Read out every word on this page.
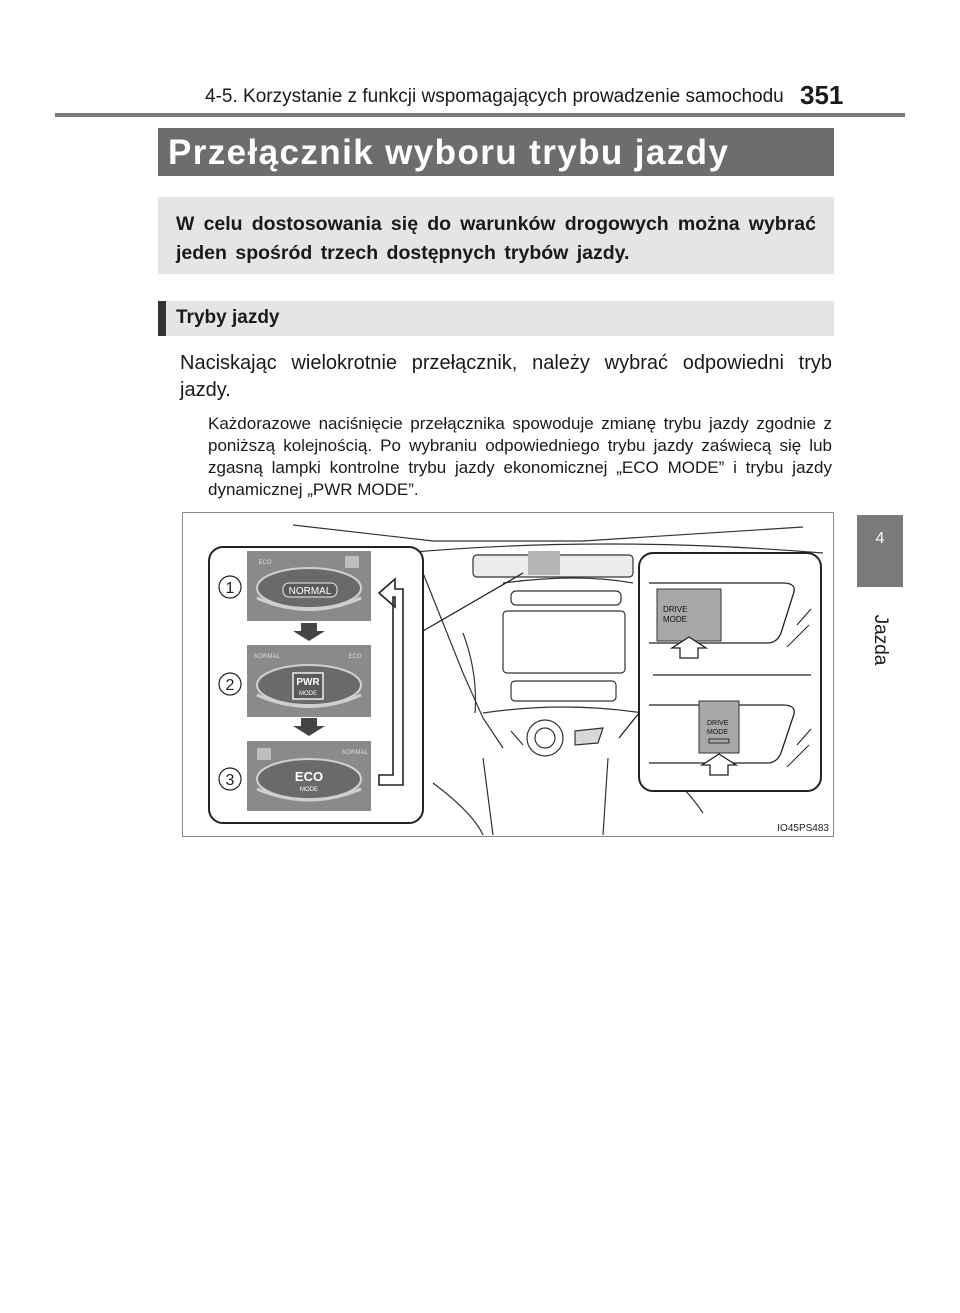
4-5. Korzystanie z funkcji wspomagających prowadzenie samochodu 351
Przełącznik wyboru trybu jazdy
W celu dostosowania się do warunków drogowych można wybrać jeden spośród trzech dostępnych trybów jazdy.
Tryby jazdy
Naciskając wielokrotnie przełącznik, należy wybrać odpowiedni tryb jazdy.
Każdorazowe naciśnięcie przełącznika spowoduje zmianę trybu jazdy zgodnie z poniższą kolejnością. Po wybraniu odpowiedniego trybu jazdy zaświecą się lub zgasną lampki kontrolne trybu jazdy ekonomicznej „ECO MODE” i trybu jazdy dynamicznej „PWR MODE”.
4
Jazda
NORMAL
ECO
PWR
MODE
PWR MODE
NORMAL	ECO
ECO
MODE
ECO MODE
NORMAL
1
2
3
DRIVE
MODE
DRIVE
MODE
IO45PS483
